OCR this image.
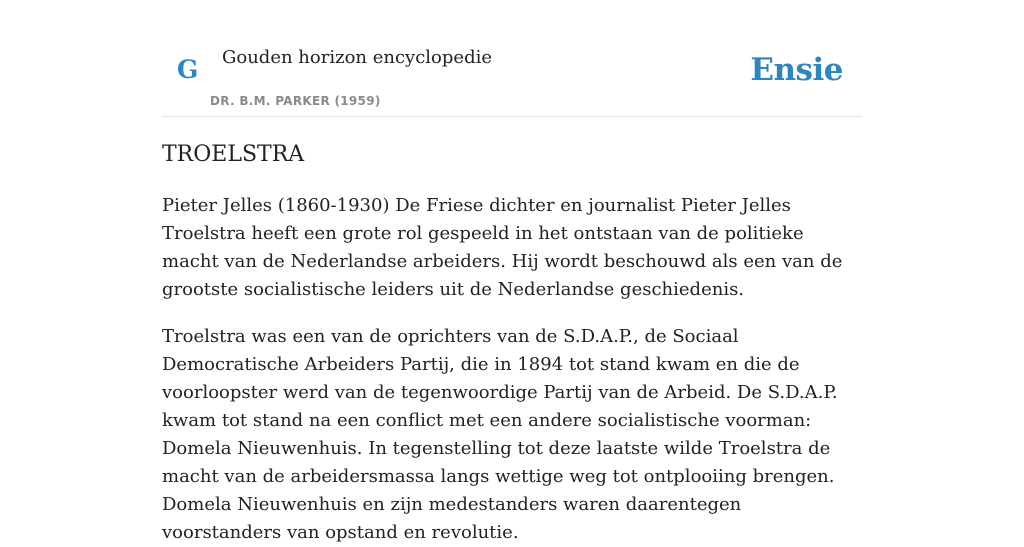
G Gouden horizon encyclopedie
DR. B.M. PARKER (1959)
Ensie
TROELSTRA

Pieter Jelles (1860-1930) De Friese dichter en journalist Pieter Jelles Troelstra heeft een grote rol gespeeld in het ontstaan van de politieke macht van de Nederlandse arbeiders. Hij wordt beschouwd als een van de grootste socialistische leiders uit de Nederlandse geschiedenis.

Troelstra was een van de oprichters van de S.D.A.P., de Sociaal Democratische Arbeiders Partij, die in 1894 tot stand kwam en die de voorloopster werd van de tegenwoordige Partij van de Arbeid. De S.D.A.P. kwam tot stand na een conflict met een andere socialistische voorman: Domela Nieuwenhuis. In tegenstelling tot deze laatste wilde Troelstra de macht van de arbeidersmassa langs wettige weg tot ontplooiing brengen. Domela Nieuwenhuis en zijn medestanders waren daarentegen voorstanders van opstand en revolutie.
